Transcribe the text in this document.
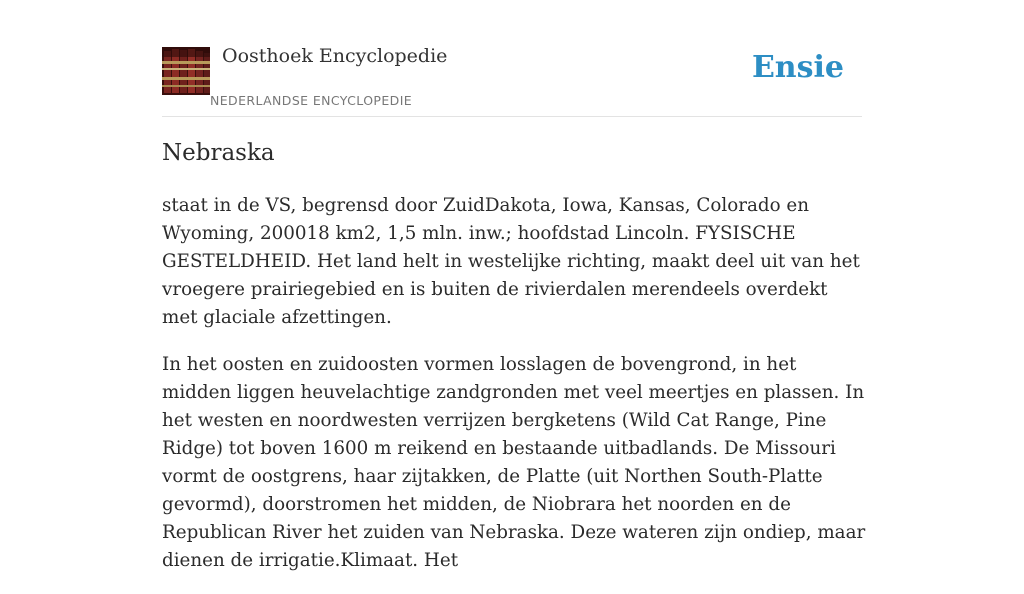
Oosthoek Encyclopedie
NEDERLANDSE ENCYCLOPEDIE
Ensie
Nebraska

staat in de VS, begrensd door ZuidDakota, Iowa, Kansas, Colorado en Wyoming, 200018 km2, 1,5 mln. inw.; hoofdstad Lincoln. FYSISCHE GESTELDHEID. Het land helt in westelijke richting, maakt deel uit van het vroegere prairiegebied en is buiten de rivierdalen merendeels overdekt met glaciale afzettingen.

In het oosten en zuidoosten vormen losslagen de bovengrond, in het midden liggen heuvelachtige zandgronden met veel meertjes en plassen. In het westen en noordwesten verrijzen bergketens (Wild Cat Range, Pine Ridge) tot boven 1600 m reikend en bestaande uitbadlands. De Missouri vormt de oostgrens, haar zijtakken, de Platte (uit Northen South-Platte gevormd), doorstromen het midden, de Niobrara het noorden en de Republican River het zuiden van Nebraska. Deze wateren zijn ondiep, maar dienen de irrigatie.Klimaat. Het
